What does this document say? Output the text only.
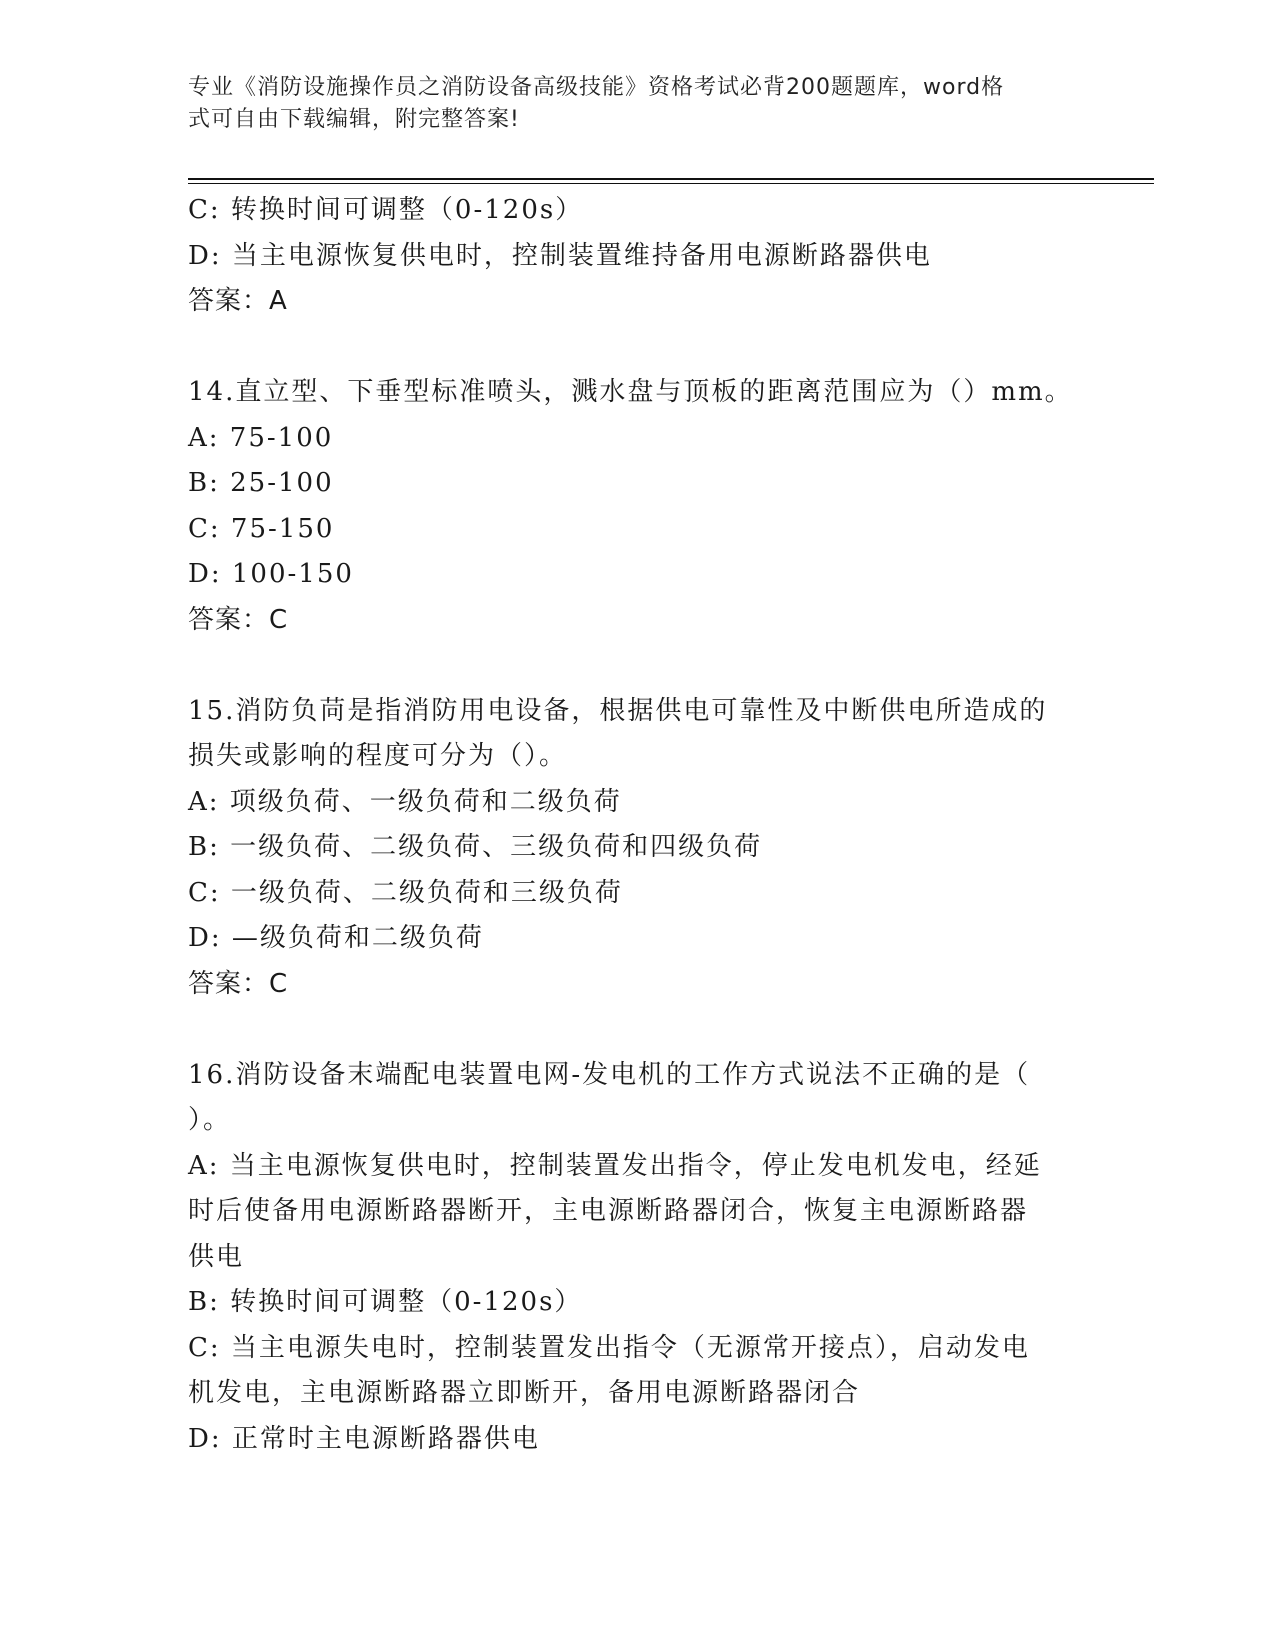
专业《消防设施操作员之消防设备高级技能》资格考试必背200题题库，word格
式可自由下载编辑，附完整答案!
C: 转换时间可调整（0-120s）
D: 当主电源恢复供电时，控制装置维持备用电源断路器供电
答案：A
14.直立型、下垂型标准喷头，溅水盘与顶板的距离范围应为（）mm。
A: 75-100
B: 25-100
C: 75-150
D: 100-150
答案：C
15.消防负苘是指消防用电设备，根据供电可靠性及中断供电所造成的
损失或影响的程度可分为（）。
A: 项级负荷、一级负荷和二级负荷
B: 一级负荷、二级负荷、三级负荷和四级负荷
C: 一级负荷、二级负荷和三级负荷
D: —级负荷和二级负荷
答案：C
16.消防设备末端配电装置电网-发电机的工作方式说法不正确的是（
）。
A: 当主电源恢复供电时，控制装置发出指令，停止发电机发电，经延
时后使备用电源断路器断开，主电源断路器闭合，恢复主电源断路器
供电
B: 转换时间可调整（0-120s）
C: 当主电源失电时，控制装置发出指令（无源常开接点），启动发电
机发电，主电源断路器立即断开，备用电源断路器闭合
D: 正常时主电源断路器供电
